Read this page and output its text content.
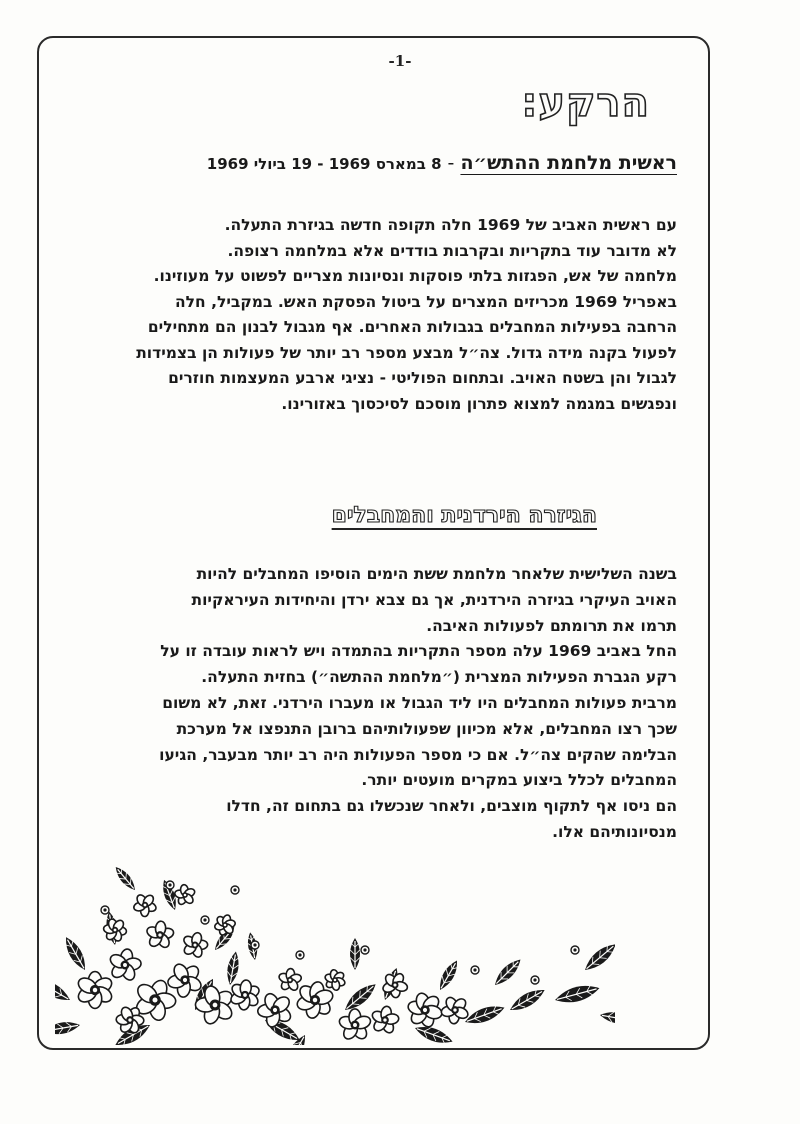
-1-
הרקע:
ראשית מלחמת ההתש״ה - 8 במארס 1969 - 19 ביולי 1969
עם ראשית האביב של 1969 חלה תקופה חדשה בגיזרת התעלה.
לא מדובר עוד בתקריות ובקרבות בודדים אלא במלחמה רצופה.
מלחמה של אש, הפגזות בלתי פוסקות ונסיונות מצריים לפשוט על מעוזינו.
באפריל 1969 מכריזים המצרים על ביטול הפסקת האש. במקביל, חלה
הרחבה בפעילות המחבלים בגבולות האחרים. אף מגבול לבנון הם מתחילים
לפעול בקנה מידה גדול. צה״ל מבצע מספר רב יותר של פעולות הן בצמידות
לגבול והן בשטח האויב. ובתחום הפוליטי - נציגי ארבע המעצמות חוזרים
ונפגשים במגמה למצוא פתרון מוסכם לסיכסוך באזורינו.
הגיזרה הירדנית והמחבלים
בשנה השלישית שלאחר מלחמת ששת הימים הוסיפו המחבלים להיות
האויב העיקרי בגיזרה הירדנית, אך גם צבא ירדן והיחידות העיראקיות
תרמו את תרומתם לפעולות האיבה.
החל באביב 1969 עלה מספר התקריות בהתמדה ויש לראות עובדה זו על
רקע הגברת הפעילות המצרית (״מלחמת ההתשה״) בחזית התעלה.
מרבית פעולות המחבלים היו ליד הגבול או מעברו הירדני. זאת, לא משום
שכך רצו המחבלים, אלא מכיוון שפעולותיהם ברובן התנפצו אל מערכת
הבלימה שהקים צה״ל. אם כי מספר הפעולות היה רב יותר מבעבר, הגיעו
המחבלים לכלל ביצוע במקרים מועטים יותר.
הם ניסו אף לתקוף מוצבים, ולאחר שנכשלו גם בתחום זה, חדלו
מנסיונותיהם אלו.
